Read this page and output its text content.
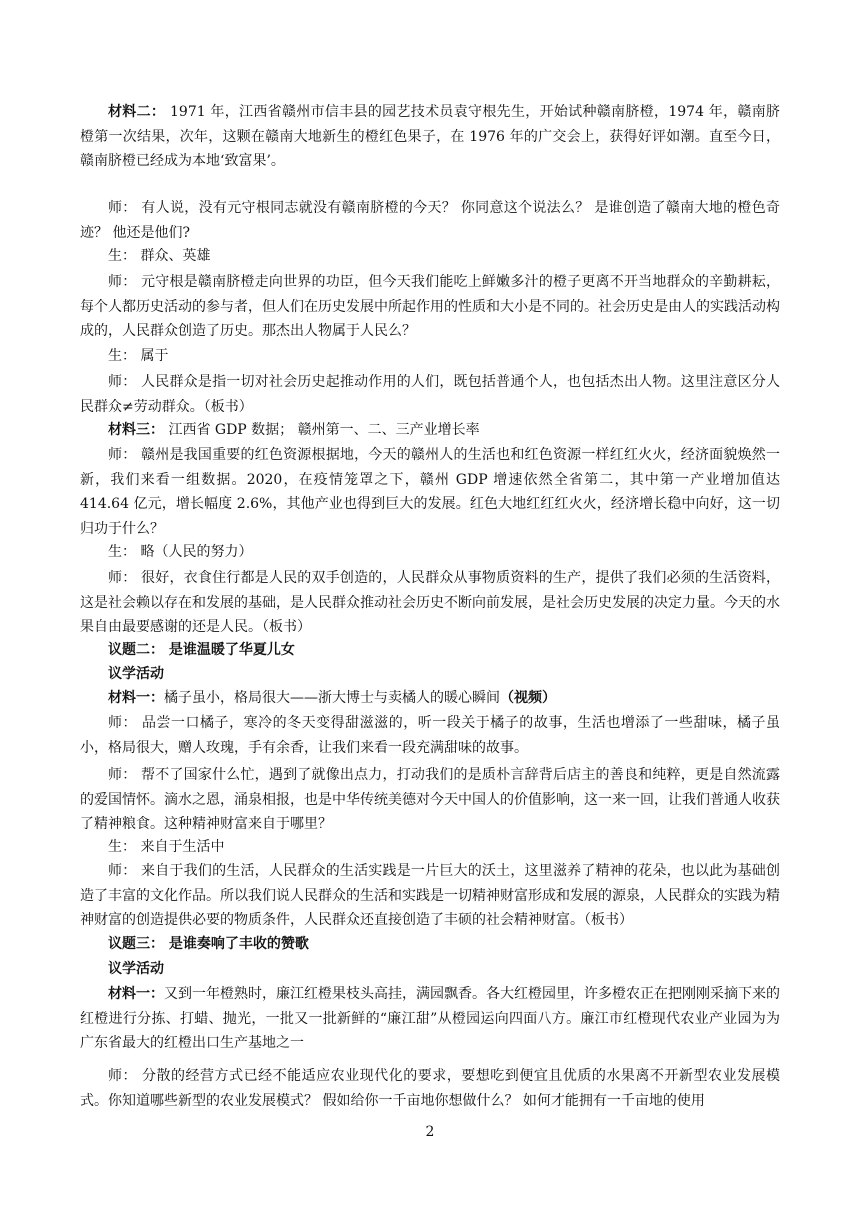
材料二： 1971 年，江西省赣州市信丰县的园艺技术员袁守根先生，开始试种赣南脐橙，1974 年，赣南脐橙第一次结果，次年，这颗在赣南大地新生的橙红色果子，在 1976 年的广交会上，获得好评如潮。直至今日，赣南脐橙已经成为本地‘致富果’。
师： 有人说，没有元守根同志就没有赣南脐橙的今天？ 你同意这个说法么？ 是谁创造了赣南大地的橙色奇迹？ 他还是他们?
生： 群众、英雄
师： 元守根是赣南脐橙走向世界的功臣，但今天我们能吃上鲜嫩多汁的橙子更离不开当地群众的辛勤耕耘，每个人都历史活动的参与者，但人们在历史发展中所起作用的性质和大小是不同的。社会历史是由人的实践活动构成的，人民群众创造了历史。那杰出人物属于人民么？
生： 属于
师： 人民群众是指一切对社会历史起推动作用的人们，既包括普通个人，也包括杰出人物。这里注意区分人民群众≠劳动群众。（板书）
材料三： 江西省 GDP 数据； 赣州第一、二、三产业增长率
师： 赣州是我国重要的红色资源根据地，今天的赣州人的生活也和红色资源一样红红火火，经济面貌焕然一新，我们来看一组数据。2020，在疫情笼罩之下，赣州 GDP 增速依然全省第二，其中第一产业增加值达 414.64 亿元，增长幅度 2.6%，其他产业也得到巨大的发展。红色大地红红红火火，经济增长稳中向好，这一切归功于什么？
生： 略（人民的努力）
师： 很好，衣食住行都是人民的双手创造的，人民群众从事物质资料的生产，提供了我们必须的生活资料，这是社会赖以存在和发展的基础，是人民群众推动社会历史不断向前发展，是社会历史发展的决定力量。今天的水果自由最要感谢的还是人民。（板书）
议题二： 是谁温暖了华夏儿女
议学活动
材料一：橘子虽小，格局很大——浙大博士与卖橘人的暖心瞬间（视频）
师： 品尝一口橘子，寒冷的冬天变得甜滋滋的，听一段关于橘子的故事，生活也增添了一些甜味，橘子虽小，格局很大，赠人玫瑰，手有余香，让我们来看一段充满甜味的故事。
师： 帮不了国家什么忙，遇到了就像出点力，打动我们的是质朴言辞背后店主的善良和纯粹，更是自然流露的爱国情怀。滴水之恩，涌泉相报，也是中华传统美德对今天中国人的价值影响，这一来一回，让我们普通人收获了精神粮食。这种精神财富来自于哪里？
生： 来自于生活中
师： 来自于我们的生活，人民群众的生活实践是一片巨大的沃土，这里滋养了精神的花朵，也以此为基础创造了丰富的文化作品。所以我们说人民群众的生活和实践是一切精神财富形成和发展的源泉，人民群众的实践为精神财富的创造提供必要的物质条件，人民群众还直接创造了丰硕的社会精神财富。（板书）
议题三： 是谁奏响了丰收的赞歌
议学活动
材料一：又到一年橙熟时，廉江红橙果枝头高挂，满园飘香。各大红橙园里，许多橙农正在把刚刚采摘下来的红橙进行分拣、打蜡、抛光，一批又一批新鲜的“廉江甜”从橙园运向四面八方。廉江市红橙现代农业产业园为为广东省最大的红橙出口生产基地之一
师： 分散的经营方式已经不能适应农业现代化的要求，要想吃到便宜且优质的水果离不开新型农业发展模式。你知道哪些新型的农业发展模式？ 假如给你一千亩地你想做什么？ 如何才能拥有一千亩地的使用
2
